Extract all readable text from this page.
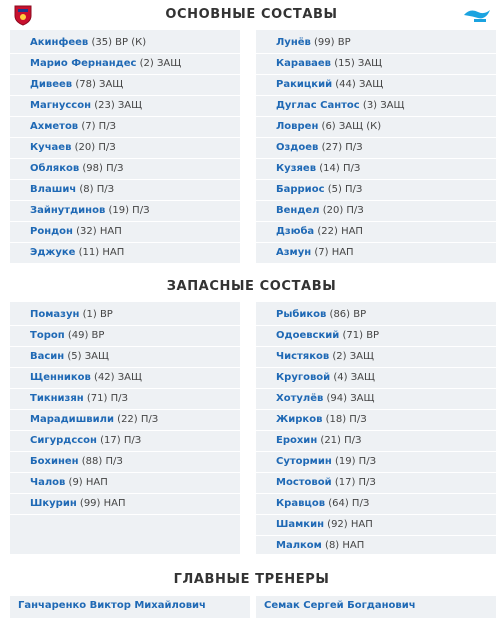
ОСНОВНЫЕ СОСТАВЫ
Акинфеев (35) ВР (К)
Марио Фернандес (2) ЗАЩ
Дивеев (78) ЗАЩ
Магнуссон (23) ЗАЩ
Ахметов (7) П/З
Кучаев (20) П/З
Обляков (98) П/З
Влашич (8) П/З
Зайнутдинов (19) П/З
Рондон (32) НАП
Эджуке (11) НАП
Лунёв (99) ВР
Караваев (15) ЗАЩ
Ракицкий (44) ЗАЩ
Дуглас Сантос (3) ЗАЩ
Ловрен (6) ЗАЩ (К)
Оздоев (27) П/З
Кузяев (14) П/З
Барриос (5) П/З
Вендел (20) П/З
Дзюба (22) НАП
Азмун (7) НАП
ЗАПАСНЫЕ СОСТАВЫ
Помазун (1) ВР
Тороп (49) ВР
Васин (5) ЗАЩ
Щенников (42) ЗАЩ
Тикнизян (71) П/З
Марадишвили (22) П/З
Сигурдссон (17) П/З
Бохинен (88) П/З
Чалов (9) НАП
Шкурин (99) НАП
Рыбиков (86) ВР
Одоевский (71) ВР
Чистяков (2) ЗАЩ
Круговой (4) ЗАЩ
Хотулёв (94) ЗАЩ
Жирков (18) П/З
Ерохин (21) П/З
Сутормин (19) П/З
Мостовой (17) П/З
Кравцов (64) П/З
Шамкин (92) НАП
Малком (8) НАП
ГЛАВНЫЕ ТРЕНЕРЫ
Ганчаренко Виктор Михайлович	Семак Сергей Богданович
